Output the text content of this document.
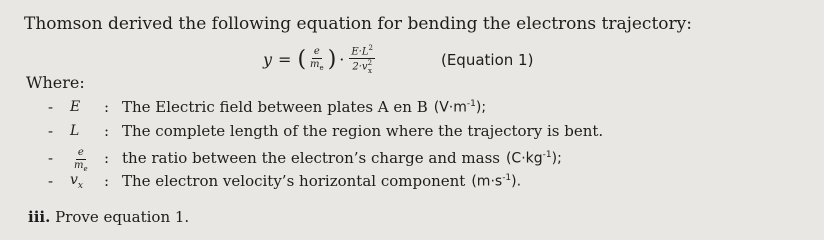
Thomson derived the following equation for bending the electrons trajectory:
y = ( $\frac{e}{m_e}$ ) · $\frac{E\cdot L^2}{2\cdot v^2_x}$	(Equation 1)
Where:
-	E	: The Electric field between plates A en B $(V\cdot m^{-1})$;
-	L	: The complete length of the region where the trajectory is bent.
-	$\frac{e}{m_e}$ : the ratio between the electron’s charge and mass $(C\cdot kg^{-1})$;
-	$v_x$	: The electron velocity’s horizontal component $(m\cdot s^{-1})$.
iii. Prove equation 1.
